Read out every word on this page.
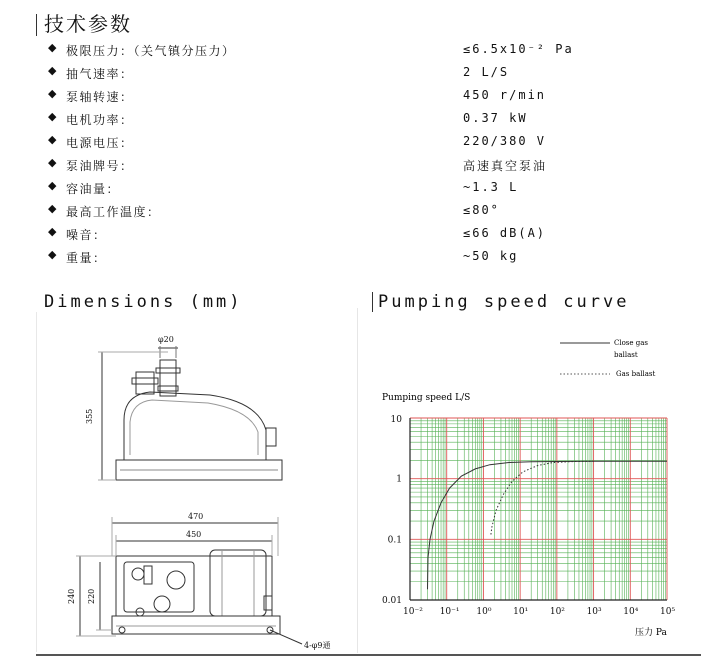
技术参数
◆ 极限压力：（关气镇分压力）	≤6.5x10⁻² Pa
◆ 抽气速率：	2 L/S
◆ 泵轴转速：	450 r/min
◆ 电机功率：	0.37 kW
◆ 电源电压：	220/380 V
◆ 泵油牌号：	高速真空泵油
◆ 容油量：	~1.3 L
◆ 最高工作温度：	≤80°
◆ 噪音：	≤66 dB(A)
◆ 重量：	~50 kg
Dimensions (mm)	Pumping speed curve
φ20
355
470
450
240 220
4-φ9通
10⁻² 10⁻¹ 10⁰ 10¹ 10² 10³ 10⁴ 10⁵
10
1
0.1
0.01
Close gas
ballast
Gas ballast
Pumping speed L/S
压力 Pa
